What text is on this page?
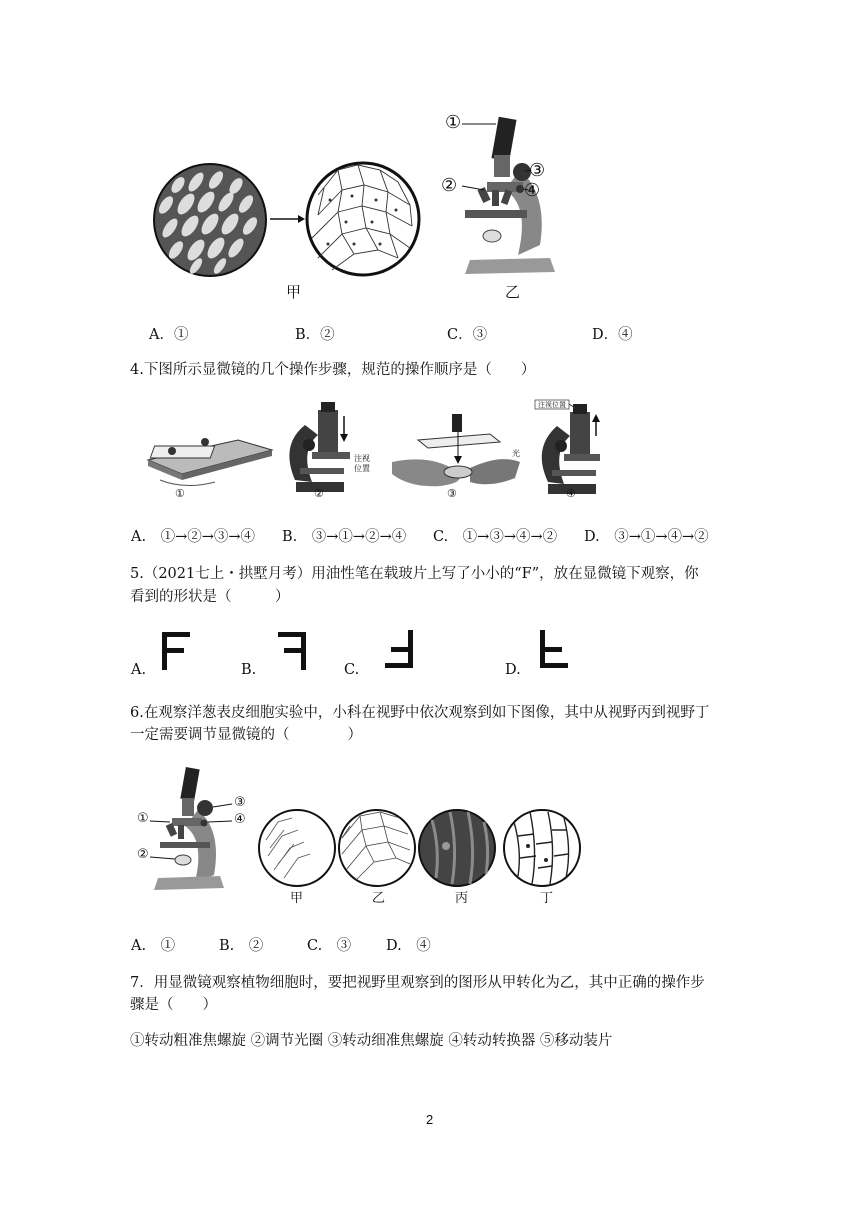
①
②
③
④
甲	乙
A．①	B．②	C．③	D．④
4.下图所示显微镜的几个操作步骤，规范的操作顺序是（　　）
注视位置
注视位置
光
①	②	③	④
A.　①→②→③→④ B.　③→①→②→④ C.　①→③→④→② D.　③→①→④→②
5.（2021七上・拱墅月考）用油性笔在载玻片上写了小小的“F”，放在显微镜下观察，你
看到的形状是（　　　）
A.	B.	C.	D.
6.在观察洋葱表皮细胞实验中，小科在视野中依次观察到如下图像，其中从视野丙到视野丁
一定需要调节显微镜的（　　　　）
①
②
③
④
甲	乙	丙	丁
A.　①	B.　②	C.　③ D.　④
7．用显微镜观察植物细胞时，要把视野里观察到的图形从甲转化为乙，其中正确的操作步
骤是（　　）
①转动粗准焦螺旋 ②调节光圈 ③转动细准焦螺旋 ④转动转换器 ⑤移动装片
2
